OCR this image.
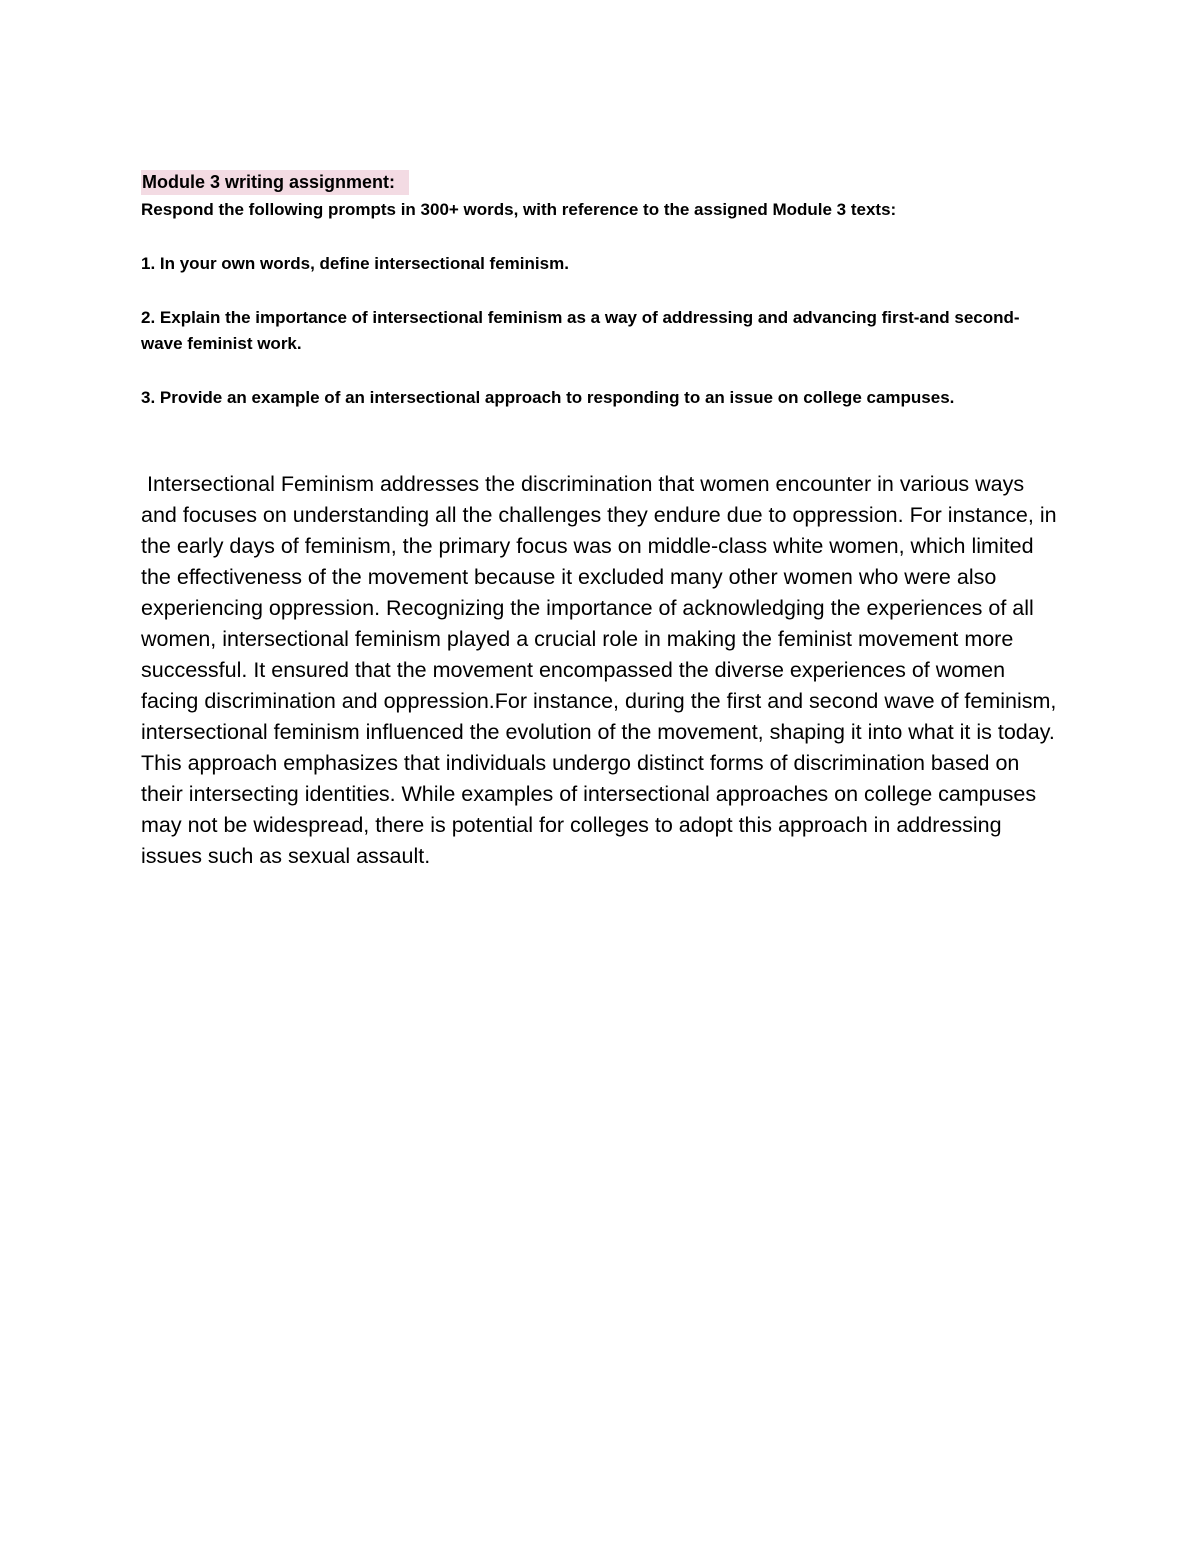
Module 3 writing assignment:

Respond the following prompts in 300+ words, with reference to the assigned Module 3 texts:

1. In your own words, define intersectional feminism.

2. Explain the importance of intersectional feminism as a way of addressing and advancing first-and second-wave feminist work.

3. Provide an example of an intersectional approach to responding to an issue on college campuses.

Intersectional Feminism addresses the discrimination that women encounter in various ways and focuses on understanding all the challenges they endure due to oppression. For instance, in the early days of feminism, the primary focus was on middle-class white women, which limited the effectiveness of the movement because it excluded many other women who were also experiencing oppression. Recognizing the importance of acknowledging the experiences of all women, intersectional feminism played a crucial role in making the feminist movement more successful. It ensured that the movement encompassed the diverse experiences of women facing discrimination and oppression.For instance, during the first and second wave of feminism, intersectional feminism influenced the evolution of the movement, shaping it into what it is today. This approach emphasizes that individuals undergo distinct forms of discrimination based on their intersecting identities. While examples of intersectional approaches on college campuses may not be widespread, there is potential for colleges to adopt this approach in addressing issues such as sexual assault.
